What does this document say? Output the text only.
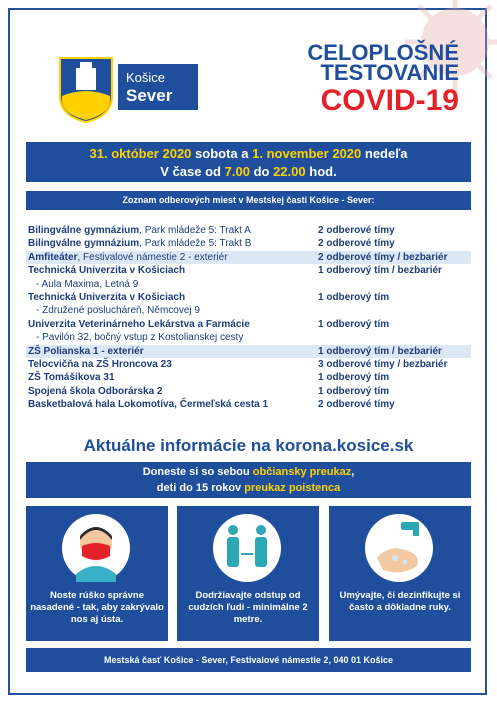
Košice
Sever
CELOPLOŠNÉ
TESTOVANIE
COVID-19
31. október 2020 sobota a 1. november 2020 nedeľa
V čase od 7.00 do 22.00 hod.
Zoznam odberových miest v Mestskej časti Košice - Sever:
Bilingválne gymnázium, Park mládeže 5: Trakt A	2 odberové tímy
Bilingválne gymnázium, Park mládeže 5: Trakt B	2 odberové tímy
Amfiteáter, Festivalové námestie 2 - exteriér	2 odberové tímy / bezbariér
Technická Univerzita v Košiciach	1 odberový tím / bezbariér
- Aula Maxima, Letná 9
Technická Univerzita v Košiciach	1 odberový tím
- Združené poslucháreň, Němcovej 9
Univerzita Veterinárneho Lekárstva a Farmácie	1 odberový tím
- Pavilón 32, bočný vstup z Kostolianskej cesty
ZŠ Polianska 1 - exteriér	1 odberový tím / bezbariér
Telocvičňa na ZŠ Hroncova 23	3 odberové tímy / bezbariér
ZŠ Tomášikova 31	1 odberový tím
Spojená škola Odborárska 2	1 odberový tím
Basketbalová hala Lokomotíva, Čermeľská cesta 1	2 odberové tímy
Aktuálne informácie na korona.kosice.sk
Doneste si so sebou občiansky preukaz,
deti do 15 rokov preukaz poistenca
Noste rúško správne nasadené - tak, aby zakrývalo nos aj ústa.
Dodržiavajte odstup od cudzích ľudí - minimálne 2 metre.
Umývajte, či dezinfikujte si často a dôkladne ruky.
Mestská časť Košice - Sever, Festivalové námestie 2, 040 01 Košice
